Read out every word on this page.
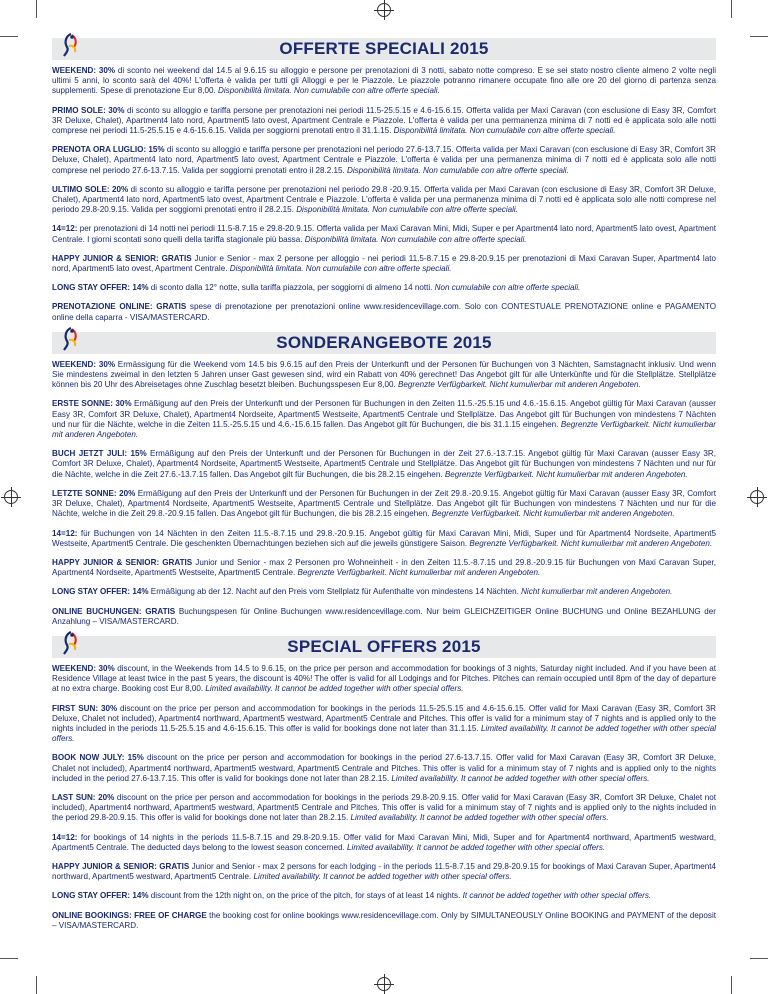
OFFERTE SPECIALI 2015

WEEKEND: 30% di sconto nei weekend dal 14.5 al 9.6.15 su alloggio e persone per prenotazioni di 3 notti, sabato notte compreso. E se sei stato nostro cliente almeno 2 volte negli ultimi 5 anni, lo sconto sarà del 40%! L'offerta è valida per tutti gli Alloggi e per le Piazzole. Le piazzole potranno rimanere occupate fino alle ore 20 del giorno di partenza senza supplementi. Spese di prenotazione Eur 8,00. Disponibilità limitata. Non cumulabile con altre offerte speciali.

PRIMO SOLE: 30% di sconto su alloggio e tariffa persone per prenotazioni nei periodi 11.5-25.5.15 e 4.6-15.6.15. Offerta valida per Maxi Caravan (con esclusione di Easy 3R, Comfort 3R Deluxe, Chalet), Apartment4 lato nord, Apartment5 lato ovest, Apartment Centrale e Piazzole. L'offerta è valida per una permanenza minima di 7 notti ed è applicata solo alle notti comprese nei periodi 11.5-25.5.15 e 4.6-15.6.15. Valida per soggiorni prenotati entro il 31.1.15. Disponibilità limitata. Non cumulabile con altre offerte speciali.

PRENOTA ORA LUGLIO: 15% di sconto su alloggio e tariffa persone per prenotazioni nel periodo 27.6-13.7.15. Offerta valida per Maxi Caravan (con esclusione di Easy 3R, Comfort 3R Deluxe, Chalet), Apartment4 lato nord, Apartment5 lato ovest, Apartment Centrale e Piazzole. L'offerta è valida per una permanenza minima di 7 notti ed è applicata solo alle notti comprese nel periodo 27.6-13.7.15. Valida per soggiorni prenotati entro il 28.2.15. Disponibilità limitata. Non cumulabile con altre offerte speciali.

ULTIMO SOLE: 20% di sconto su alloggio e tariffa persone per prenotazioni nel periodo 29.8 -20.9.15. Offerta valida per Maxi Caravan (con esclusione di Easy 3R, Comfort 3R Deluxe, Chalet), Apartment4 lato nord, Apartment5 lato ovest, Apartment Centrale e Piazzole. L'offerta è valida per una permanenza minima di 7 notti ed è applicata solo alle notti comprese nel periodo 29.8-20.9.15. Valida per soggiorni prenotati entro il 28.2.15. Disponibilità limitata. Non cumulabile con altre offerte speciali.

14=12: per prenotazioni di 14 notti nei periodi 11.5-8.7.15 e 29.8-20.9.15. Offerta valida per Maxi Caravan Mini, Midi, Super e per Apartment4 lato nord, Apartment5 lato ovest, Apartment Centrale. I giorni scontati sono quelli della tariffa stagionale più bassa. Disponibilità limitata. Non cumulabile con altre offerte speciali.

HAPPY JUNIOR & SENIOR: GRATIS Junior e Senior - max 2 persone per alloggio - nei periodi 11.5-8.7.15 e 29.8-20.9.15 per prenotazioni di Maxi Caravan Super, Apartment4 lato nord, Apartment5 lato ovest, Apartment Centrale. Disponibilità limitata. Non cumulabile con altre offerte speciali.

LONG STAY OFFER: 14% di sconto dalla 12° notte, sulla tariffa piazzola, per soggiorni di almeno 14 notti. Non cumulabile con altre offerte speciali.

PRENOTAZIONE ONLINE: GRATIS spese di prenotazione per prenotazioni online www.residencevillage.com. Solo con CONTESTUALE PRENOTAZIONE online e PAGAMENTO online della caparra - VISA/MASTERCARD.

SONDERANGEBOTE 2015

WEEKEND: 30% Ermässigung für die Weekend vom 14.5 bis 9.6.15 auf den Preis der Unterkunft und der Personen für Buchungen von 3 Nächten, Samstagnacht inklusiv. Und wenn Sie mindestens zweimal in den letzten 5 Jahren unser Gast gewesen sind, wird ein Rabatt von 40% gerechnet! Das Angebot gilt für alle Unterkünfte und für die Stellplätze. Stellplätze können bis 20 Uhr des Abreisetages ohne Zuschlag besetzt bleiben. Buchungsspesen Eur 8,00. Begrenzte Verfügbarkeit. Nicht kumulierbar mit anderen Angeboten.

ERSTE SONNE: 30% Ermäßigung auf den Preis der Unterkunft und der Personen für Buchungen in den Zeiten 11.5.-25.5.15 und 4.6.-15.6.15. Angebot gültig für Maxi Caravan (ausser Easy 3R, Comfort 3R Deluxe, Chalet), Apartment4 Nordseite, Apartment5 Westseite, Apartment5 Centrale und Stellplätze. Das Angebot gilt für Buchungen von mindestens 7 Nächten und nur für die Nächte, welche in die Zeiten 11.5.-25.5.15 und 4.6.-15.6.15 fallen. Das Angebot gilt für Buchungen, die bis 31.1.15 eingehen. Begrenzte Verfügbarkeit. Nicht kumulierbar mit anderen Angeboten.

BUCH JETZT JULI: 15% Ermäßigung auf den Preis der Unterkunft und der Personen für Buchungen in der Zeit 27.6.-13.7.15. Angebot gültig für Maxi Caravan (ausser Easy 3R, Comfort 3R Deluxe, Chalet), Apartment4 Nordseite, Apartment5 Westseite, Apartment5 Centrale und Stellplätze. Das Angebot gilt für Buchungen von mindestens 7 Nächten und nur für die Nächte, welche in die Zeit 27.6.-13.7.15 fallen. Das Angebot gilt für Buchungen, die bis 28.2.15 eingehen. Begrenzte Verfügbarkeit. Nicht kumulierbar mit anderen Angeboten.

LETZTE SONNE: 20% Ermäßigung auf den Preis der Unterkunft und der Personen für Buchungen in der Zeit 29.8.-20.9.15. Angebot gültig für Maxi Caravan (ausser Easy 3R, Comfort 3R Deluxe, Chalet), Apartment4 Nordseite, Apartment5 Westseite, Apartment5 Centrale und Stellplätze. Das Angebot gilt für Buchungen von mindestens 7 Nächten und nur für die Nächte, welche in die Zeit 29.8.-20.9.15 fallen. Das Angebot gilt für Buchungen, die bis 28.2.15 eingehen. Begrenzte Verfügbarkeit. Nicht kumulierbar mit anderen Angeboten.

14=12: für Buchungen von 14 Nächten in den Zeiten 11.5.-8.7.15 und 29.8.-20.9.15. Angebot gültig für Maxi Caravan Mini, Midi, Super und für Apartment4 Nordseite, Apartment5 Westseite, Apartment5 Centrale. Die geschenkten Übernachtungen beziehen sich auf die jeweils günstigere Saison. Begrenzte Verfügbarkeit. Nicht kumulierbar mit anderen Angeboten.

HAPPY JUNIOR & SENIOR: GRATIS Junior und Senior - max 2 Personen pro Wohneinheit - in den Zeiten 11.5.-8.7.15 und 29.8.-20.9.15 für Buchungen von Maxi Caravan Super, Apartment4 Nordseite, Apartment5 Westseite, Apartment5 Centrale. Begrenzte Verfügbarkeit. Nicht kumulierbar mit anderen Angeboten.

LONG STAY OFFER: 14% Ermäßigung ab der 12. Nacht auf den Preis vom Stellplatz für Aufenthalte von mindestens 14 Nächten. Nicht kumulierbar mit anderen Angeboten.

ONLINE BUCHUNGEN: GRATIS Buchungspesen für Online Buchungen www.residencevillage.com. Nur beim GLEICHZEITIGER Online BUCHUNG und Online BEZAHLUNG der Anzahlung – VISA/MASTERCARD.

SPECIAL OFFERS 2015

WEEKEND: 30% discount, in the Weekends from 14.5 to 9.6.15, on the price per person and accommodation for bookings of 3 nights, Saturday night included. And if you have been at Residence Village at least twice in the past 5 years, the discount is 40%! The offer is valid for all Lodgings and for Pitches. Pitches can remain occupied until 8pm of the day of departure at no extra charge. Booking cost Eur 8,00. Limited availability. It cannot be added together with other special offers.

FIRST SUN: 30% discount on the price per person and accommodation for bookings in the periods 11.5-25.5.15 and 4.6-15.6.15. Offer valid for Maxi Caravan (Easy 3R, Comfort 3R Deluxe, Chalet not included), Apartment4 northward, Apartment5 westward, Apartment5 Centrale and Pitches. This offer is valid for a minimum stay of 7 nights and is applied only to the nights included in the periods 11.5-25.5.15 and 4.6-15.6.15. This offer is valid for bookings done not later than 31.1.15. Limited availability. It cannot be added together with other special offers.

BOOK NOW JULY: 15% discount on the price per person and accommodation for bookings in the period 27.6-13.7.15. Offer valid for Maxi Caravan (Easy 3R, Comfort 3R Deluxe, Chalet not included), Apartment4 northward, Apartment5 westward, Apartment5 Centrale and Pitches. This offer is valid for a minimum stay of 7 nights and is applied only to the nights included in the period 27.6-13.7.15. This offer is valid for bookings done not later than 28.2.15. Limited availability. It cannot be added together with other special offers.

LAST SUN: 20% discount on the price per person and accommodation for bookings in the periods 29.8-20.9.15. Offer valid for Maxi Caravan (Easy 3R, Comfort 3R Deluxe, Chalet not included), Apartment4 northward, Apartment5 westward, Apartment5 Centrale and Pitches. This offer is valid for a minimum stay of 7 nights and is applied only to the nights included in the period 29.8-20.9.15. This offer is valid for bookings done not later than 28.2.15. Limited availability. It cannot be added together with other special offers.

14=12: for bookings of 14 nights in the periods 11.5-8.7.15 and 29.8-20.9.15. Offer valid for Maxi Caravan Mini, Midi, Super and for Apartment4 northward, Apartment5 westward, Apartment5 Centrale. The deducted days belong to the lowest season concerned. Limited availability. It cannot be added together with other special offers.

HAPPY JUNIOR & SENIOR: GRATIS Junior and Senior - max 2 persons for each lodging - in the periods 11.5-8.7.15 and 29.8-20.9.15 for bookings of Maxi Caravan Super, Apartment4 northward, Apartment5 westward, Apartment5 Centrale. Limited availability. It cannot be added together with other special offers.

LONG STAY OFFER: 14% discount from the 12th night on, on the price of the pitch, for stays of at least 14 nights. It cannot be added together with other special offers.

ONLINE BOOKINGS: FREE OF CHARGE the booking cost for online bookings www.residencevillage.com. Only by SIMULTANEOUSLY Online BOOKING and PAYMENT of the deposit – VISA/MASTERCARD.
